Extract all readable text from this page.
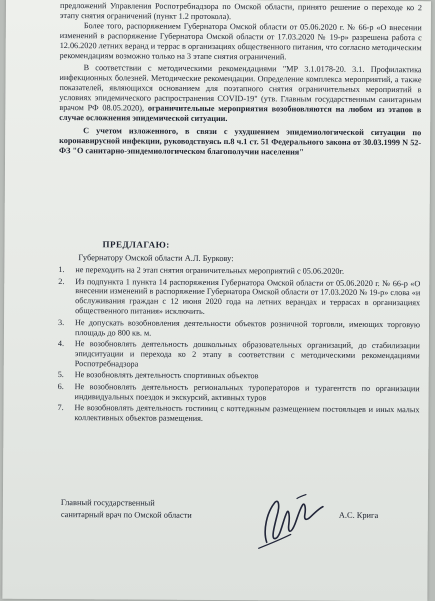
предложений Управления Роспотребнадзора по Омской области, принято решение о переходе ко 2 этапу снятия ограничений (пункт 1.2 протокола).

Более того, распоряжением Губернатора Омской области от 05.06.2020 г. № 66-р «О внесении изменений в распоряжение Губернатора Омской области от 17.03.2020 № 19-р» разрешена работа с 12.06.2020 летних веранд и террас в организациях общественного питания, что согласно методическим рекомендациям возможно только на 3 этапе снятия ограничений.

В соответствии с методическими рекомендациями "МР 3.1.0178-20. 3.1. Профилактика инфекционных болезней. Методические рекомендации. Определение комплекса мероприятий, а также показателей, являющихся основанием для поэтапного снятия ограничительных мероприятий в условиях эпидемического распространения COVID-19" (утв. Главным государственным санитарным врачом РФ 08.05.2020), ограничительные мероприятия возобновляются на любом из этапов в случае осложнения эпидемической ситуации.

С учетом изложенного, в связи с ухудшением эпидемиологической ситуации по коронавирусной инфекции, руководствуясь п.8 ч.1 ст. 51 Федерального закона от 30.03.1999 N 52-ФЗ "О санитарно-эпидемиологическом благополучии населения"

ПРЕДЛАГАЮ:
Губернатору Омской области А.Л. Буркову:
1. не переходить на 2 этап снятия ограничительных мероприятий с 05.06.2020г.
2. Из подпункта 1 пункта 14 распоряжения Губернатора Омской области от 05.06.2020 г. № 66-р «О внесении изменений в распоряжение Губернатора Омской области от 17.03.2020 № 19-р» слова «и обслуживания граждан с 12 июня 2020 года на летних верандах и террасах в организациях общественного питания» исключить.
3. Не допускать возобновления деятельности объектов розничной торговли, имеющих торговую площадь до 800 кв. м.
4. Не возобновлять деятельность дошкольных образовательных организаций, до стабилизации эпидситуации и перехода ко 2 этапу в соответствии с методическими рекомендациями Роспотребнадзора
5. Не возобновлять деятельность спортивных объектов
6. Не возобновлять деятельность региональных туроператоров и турагентств по организации индивидуальных поездок и экскурсий, активных туров
7. Не возобновлять деятельность гостиниц с коттеджным размещением постояльцев и иных малых коллективных объектов размещения.
Главный государственный
санитарный врач по Омской области	А.С. Крига
